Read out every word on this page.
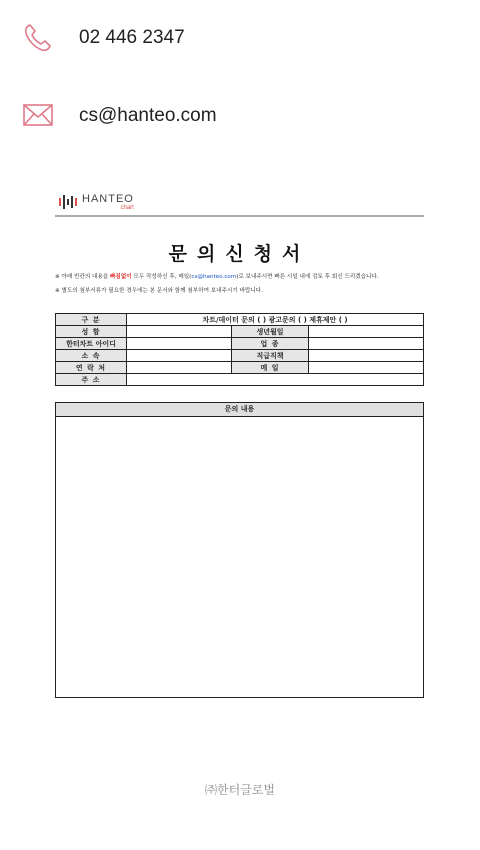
02 446 2347
cs@hanteo.com
HANTEO
chart
문의신청서
※ 아래 빈칸의 내용을 빠짐없이 모두 작성하신 후, 메일(cs@hanteo.com)로 보내주시면 빠른 시일 내에 검토 후 회신 드리겠습니다.
※ 별도의 첨부서류가 필요한 경우에는 본 문서와 함께 첨부하여 보내주시기 바랍니다.
구 분	차트/데이터 문의 ( ) 광고문의 ( ) 제휴제안 ( )		
성 함		생년월일	
한터차트 아이디		업 종	
소 속		직급직책	
연 락 처		메 일	
주 소			
문의 내용
㈜한터글로벌
